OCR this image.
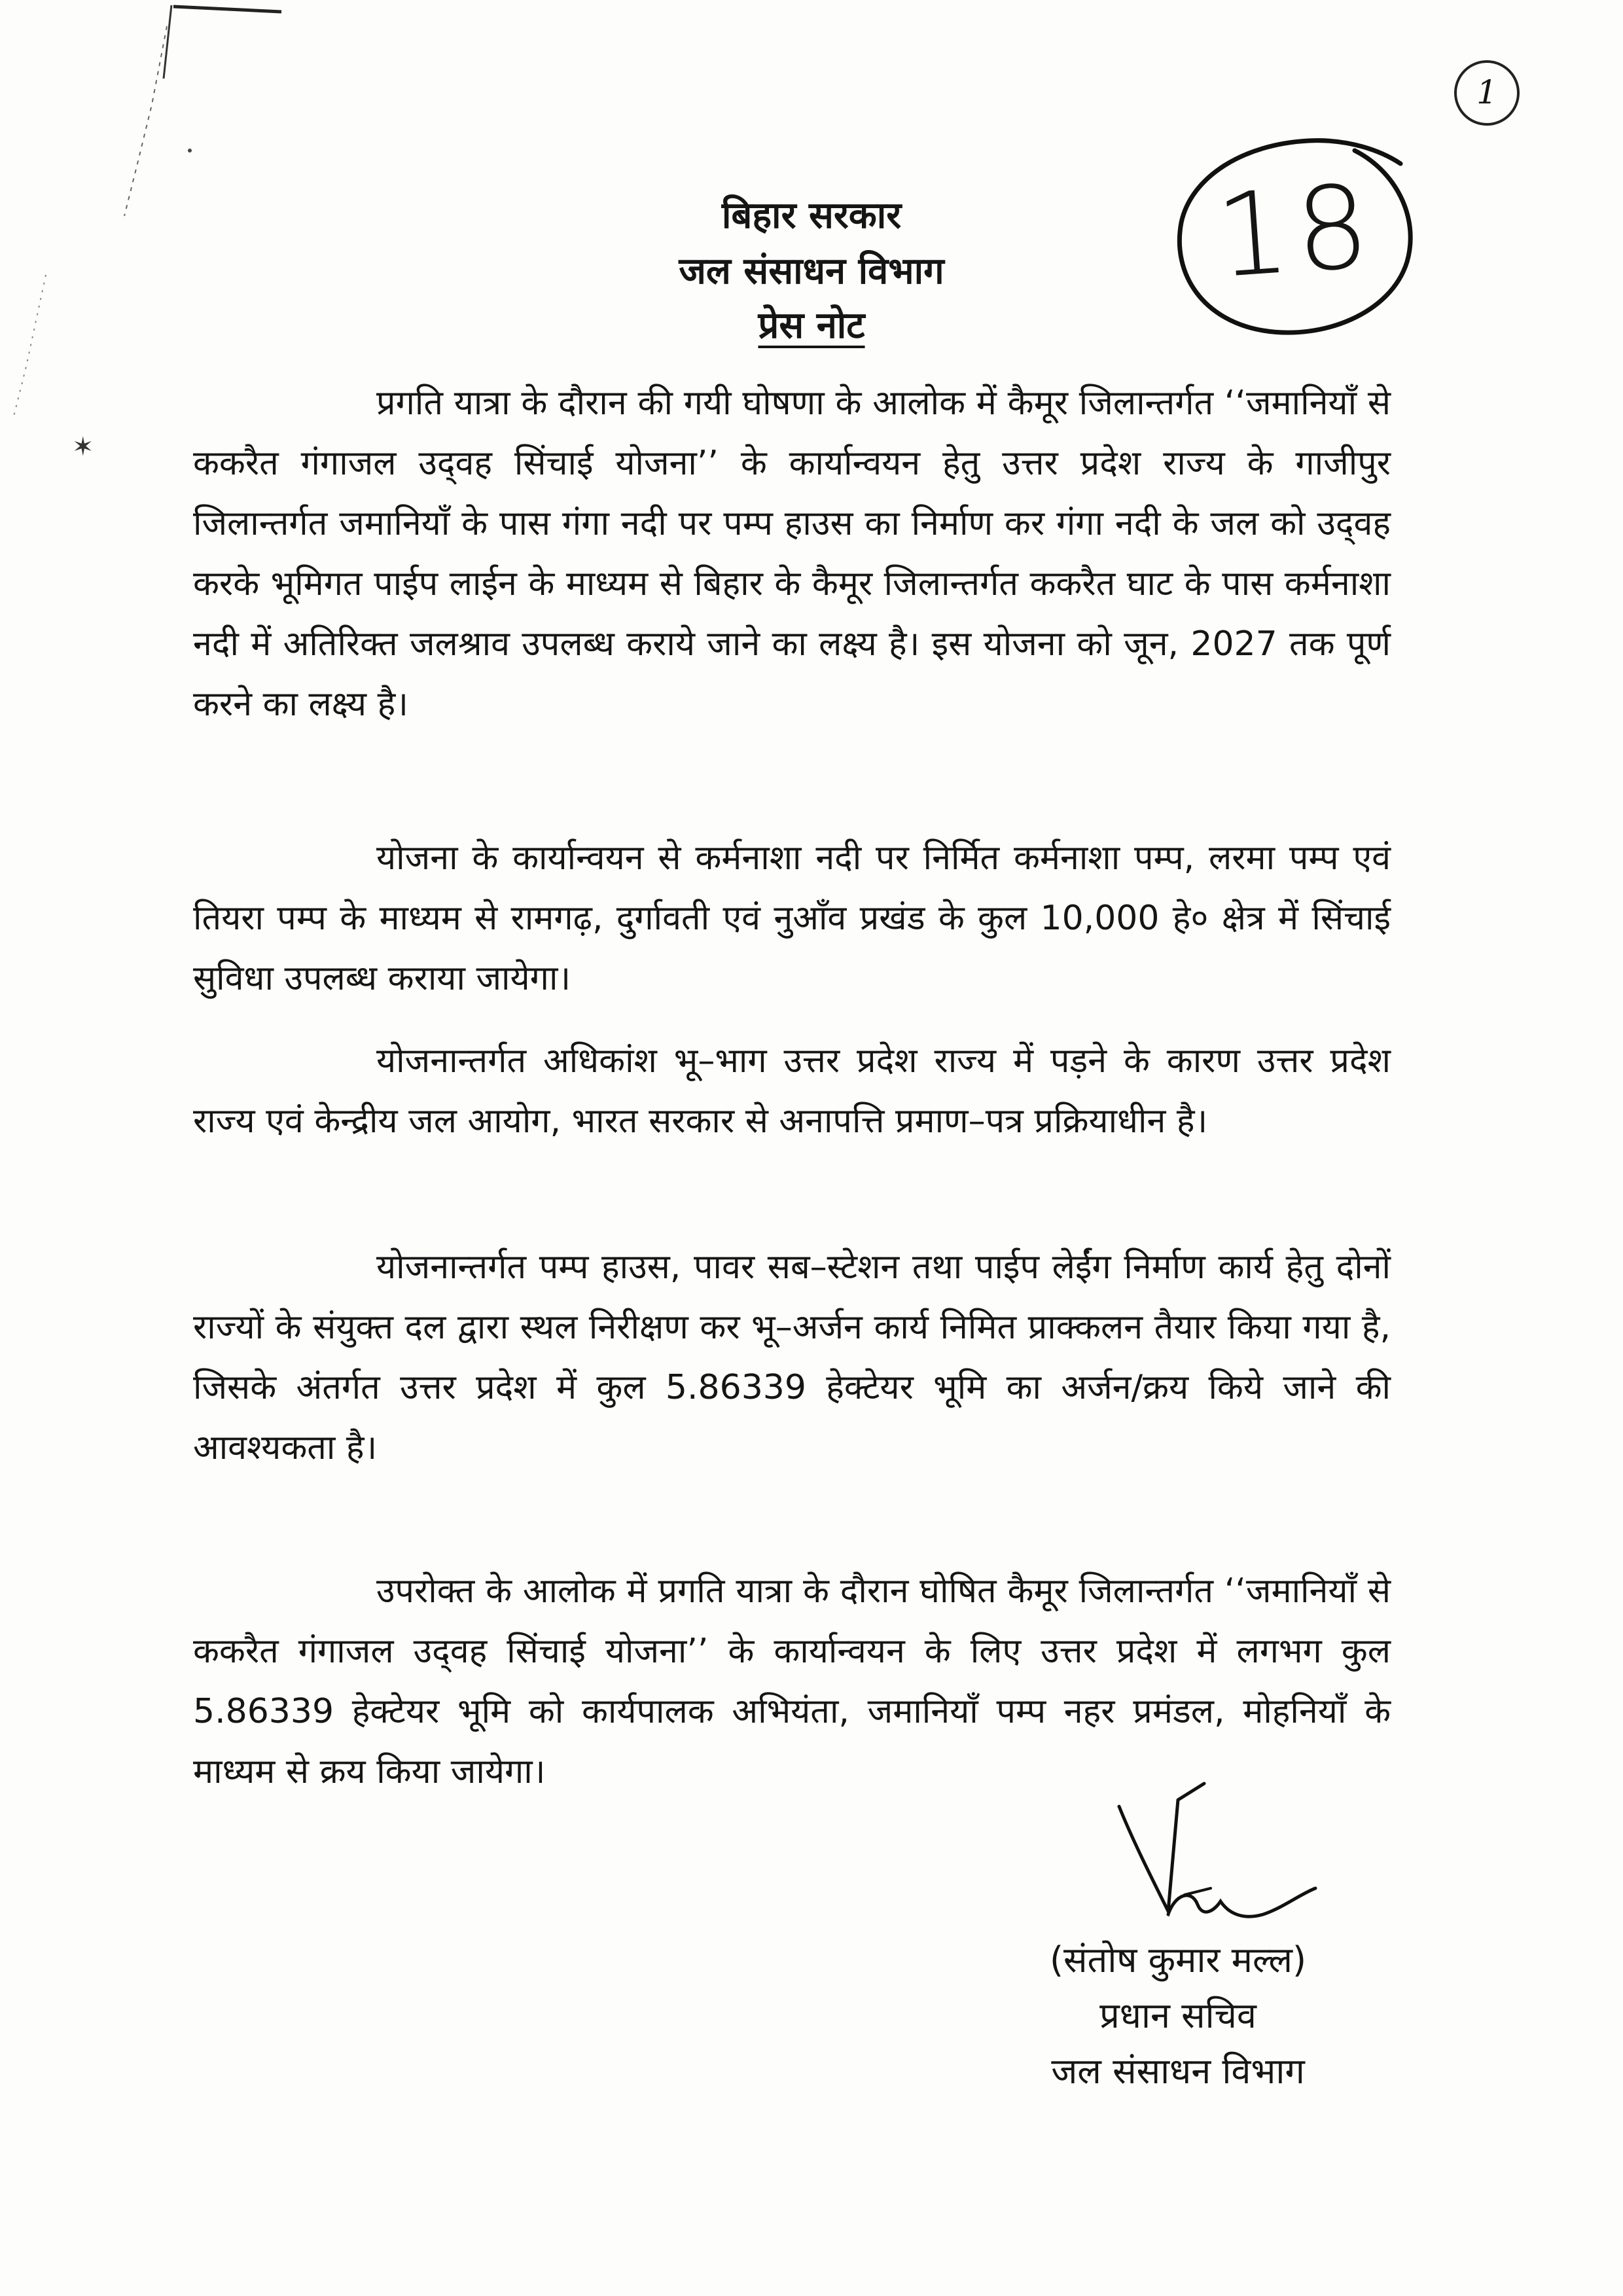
✶
1
18
बिहार सरकार
जल संसाधन विभाग
प्रेस नोट

प्रगति यात्रा के दौरान की गयी घोषणा के आलोक में कैमूर जिलान्तर्गत ‘‘जमानियाँ से ककरैत गंगाजल उद्‌वह सिंचाई योजना’’ के कार्यान्वयन हेतु उत्तर प्रदेश राज्य के गाजीपुर जिलान्तर्गत जमानियाँ के पास गंगा नदी पर पम्प हाउस का निर्माण कर गंगा नदी के जल को उद्‌वह करके भूमिगत पाईप लाईन के माध्यम से बिहार के कैमूर जिलान्तर्गत ककरैत घाट के पास कर्मनाशा नदी में अतिरिक्त जलश्राव उपलब्ध कराये जाने का लक्ष्य है। इस योजना को जून, 2027 तक पूर्ण करने का लक्ष्य है।

योजना के कार्यान्वयन से कर्मनाशा नदी पर निर्मित कर्मनाशा पम्प, लरमा पम्प एवं तियरा पम्प के माध्यम से रामगढ़, दुर्गावती एवं नुआँव प्रखंड के कुल 10,000 हे० क्षेत्र में सिंचाई सुविधा उपलब्ध कराया जायेगा।

योजनान्तर्गत अधिकांश भू–भाग उत्तर प्रदेश राज्य में पड़ने के कारण उत्तर प्रदेश राज्य एवं केन्द्रीय जल आयोग, भारत सरकार से अनापत्ति प्रमाण–पत्र प्रक्रियाधीन है।

योजनान्तर्गत पम्प हाउस, पावर सब–स्टेशन तथा पाईप लेईंग निर्माण कार्य हेतु दोनों राज्यों के संयुक्त दल द्वारा स्थल निरीक्षण कर भू–अर्जन कार्य निमित प्राक्कलन तैयार किया गया है, जिसके अंतर्गत उत्तर प्रदेश में कुल 5.86339 हेक्टेयर भूमि का अर्जन/क्रय किये जाने की आवश्यकता है।

उपरोक्त के आलोक में प्रगति यात्रा के दौरान घोषित कैमूर जिलान्तर्गत ‘‘जमानियाँ से ककरैत गंगाजल उद्‌वह सिंचाई योजना’’ के कार्यान्वयन के लिए उत्तर प्रदेश में लगभग कुल 5.86339 हेक्टेयर भूमि को कार्यपालक अभियंता, जमानियाँ पम्प नहर प्रमंडल, मोहनियाँ के माध्यम से क्रय किया जायेगा।

(संतोष कुमार मल्ल)
प्रधान सचिव
जल संसाधन विभाग
